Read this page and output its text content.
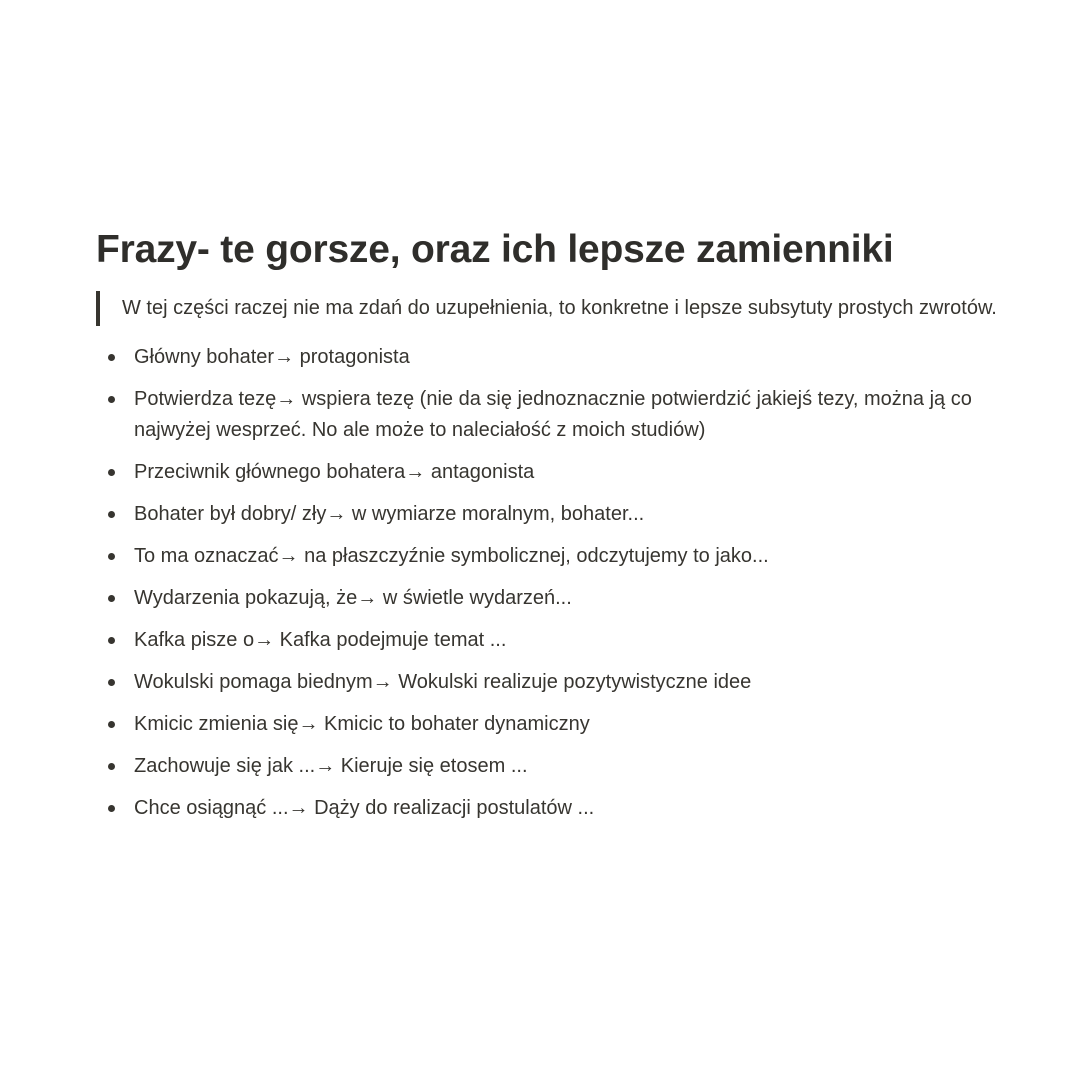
Frazy- te gorsze, oraz ich lepsze zamienniki
W tej części raczej nie ma zdań do uzupełnienia, to konkretne i lepsze subsytuty prostych zwrotów.
Główny bohater→ protagonista
Potwierdza tezę→ wspiera tezę (nie da się jednoznacznie potwierdzić jakiejś tezy, można ją co najwyżej wesprzeć. No ale może to naleciałość z moich studiów)
Przeciwnik głównego bohatera→ antagonista
Bohater był dobry/ zły→ w wymiarze moralnym, bohater...
To ma oznaczać→ na płaszczyźnie symbolicznej, odczytujemy to jako...
Wydarzenia pokazują, że→ w świetle wydarzeń...
Kafka pisze o→ Kafka podejmuje temat ...
Wokulski pomaga biednym→ Wokulski realizuje pozytywistyczne idee
Kmicic zmienia się→ Kmicic to bohater dynamiczny
Zachowuje się jak ...→ Kieruje się etosem ...
Chce osiągnąć ...→ Dąży do realizacji postulatów ...
